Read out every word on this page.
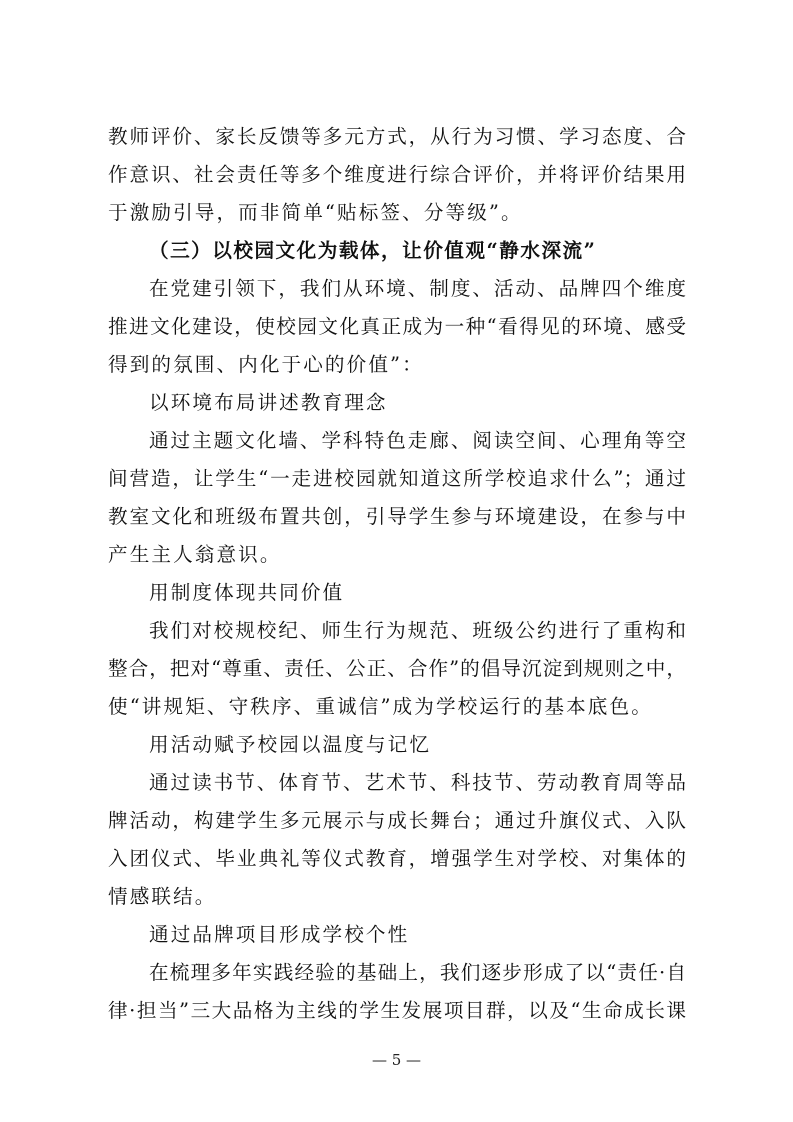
教师评价、家长反馈等多元方式，从行为习惯、学习态度、合
作意识、社会责任等多个维度进行综合评价，并将评价结果用
于激励引导，而非简单“贴标签、分等级”。
（三）以校园文化为载体，让价值观“静水深流”
在党建引领下，我们从环境、制度、活动、品牌四个维度
推进文化建设，使校园文化真正成为一种“看得见的环境、感受
得到的氛围、内化于心的价值”：
以环境布局讲述教育理念
通过主题文化墙、学科特色走廊、阅读空间、心理角等空
间营造，让学生“一走进校园就知道这所学校追求什么”；通过
教室文化和班级布置共创，引导学生参与环境建设，在参与中
产生主人翁意识。
用制度体现共同价值
我们对校规校纪、师生行为规范、班级公约进行了重构和
整合，把对“尊重、责任、公正、合作”的倡导沉淀到规则之中，
使“讲规矩、守秩序、重诚信”成为学校运行的基本底色。
用活动赋予校园以温度与记忆
通过读书节、体育节、艺术节、科技节、劳动教育周等品
牌活动，构建学生多元展示与成长舞台；通过升旗仪式、入队
入团仪式、毕业典礼等仪式教育，增强学生对学校、对集体的
情感联结。
通过品牌项目形成学校个性
在梳理多年实践经验的基础上，我们逐步形成了以“责任·自
律·担当”三大品格为主线的学生发展项目群，以及“生命成长课
— 5 —
